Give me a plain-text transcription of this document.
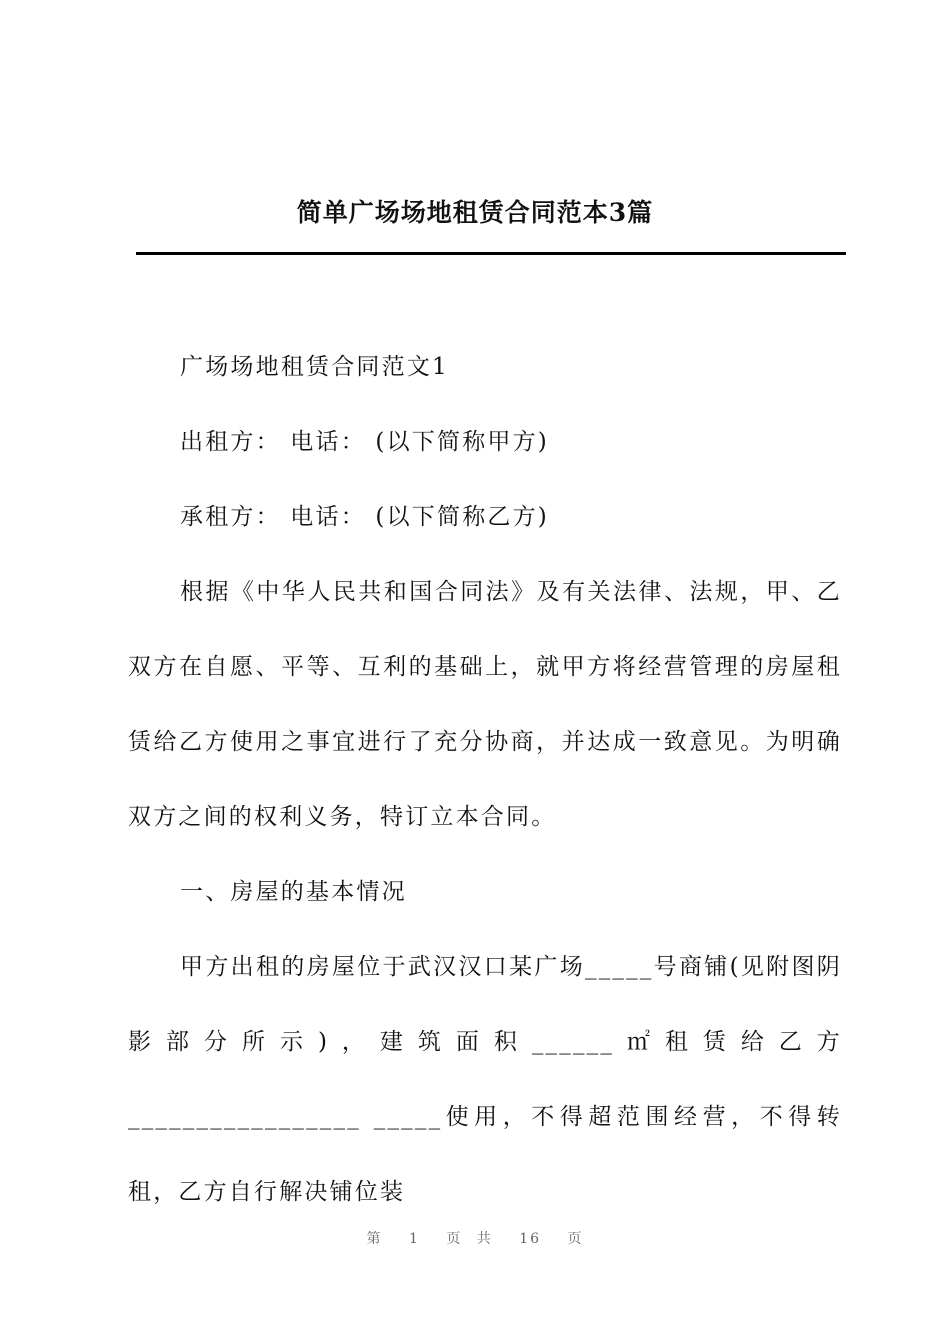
简单广场场地租赁合同范本3篇

广场场地租赁合同范文1

出租方： 电话： (以下简称甲方)

承租方： 电话： (以下简称乙方)

根据《中华人民共和国合同法》及有关法律、法规，甲、乙双方在自愿、平等、互利的基础上，就甲方将经营管理的房屋租赁给乙方使用之事宜进行了充分协商，并达成一致意见。为明确双方之间的权利义务，特订立本合同。

一、房屋的基本情况

甲方出租的房屋位于武汉汉口某广场_____号商铺(见附图阴影部分所示)，建筑面积______㎡租赁给乙方_________________ _____使用，不得超范围经营，不得转租，乙方自行解决铺位装

第 1 页 共 16 页
